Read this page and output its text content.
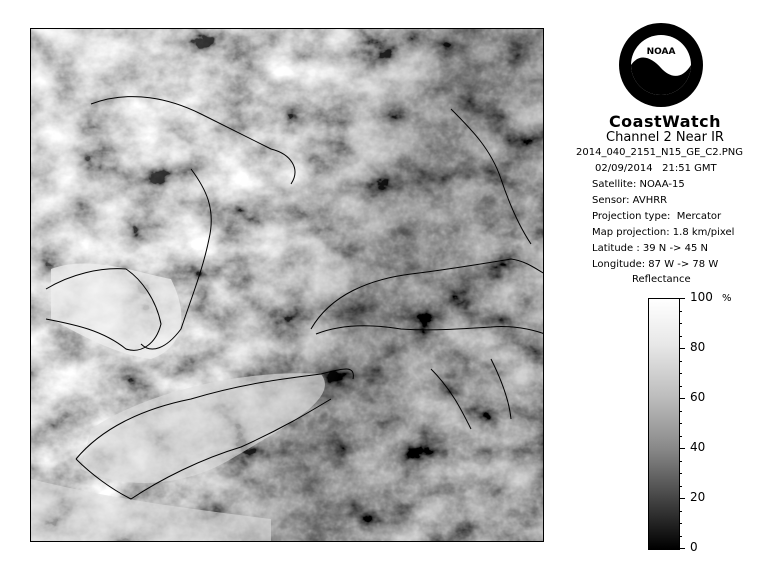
NOAA
CoastWatch
Channel 2 Near IR
2014_040_2151_N15_GE_C2.PNG
02/09/2014   21:51 GMT
Satellite: NOAA-15
Sensor: AVHRR
Projection type:  Mercator
Map projection: 1.8 km/pixel
Latitude : 39 N -> 45 N
Longitude: 87 W -> 78 W
Reflectance
%
100
80
60
40
20
0
